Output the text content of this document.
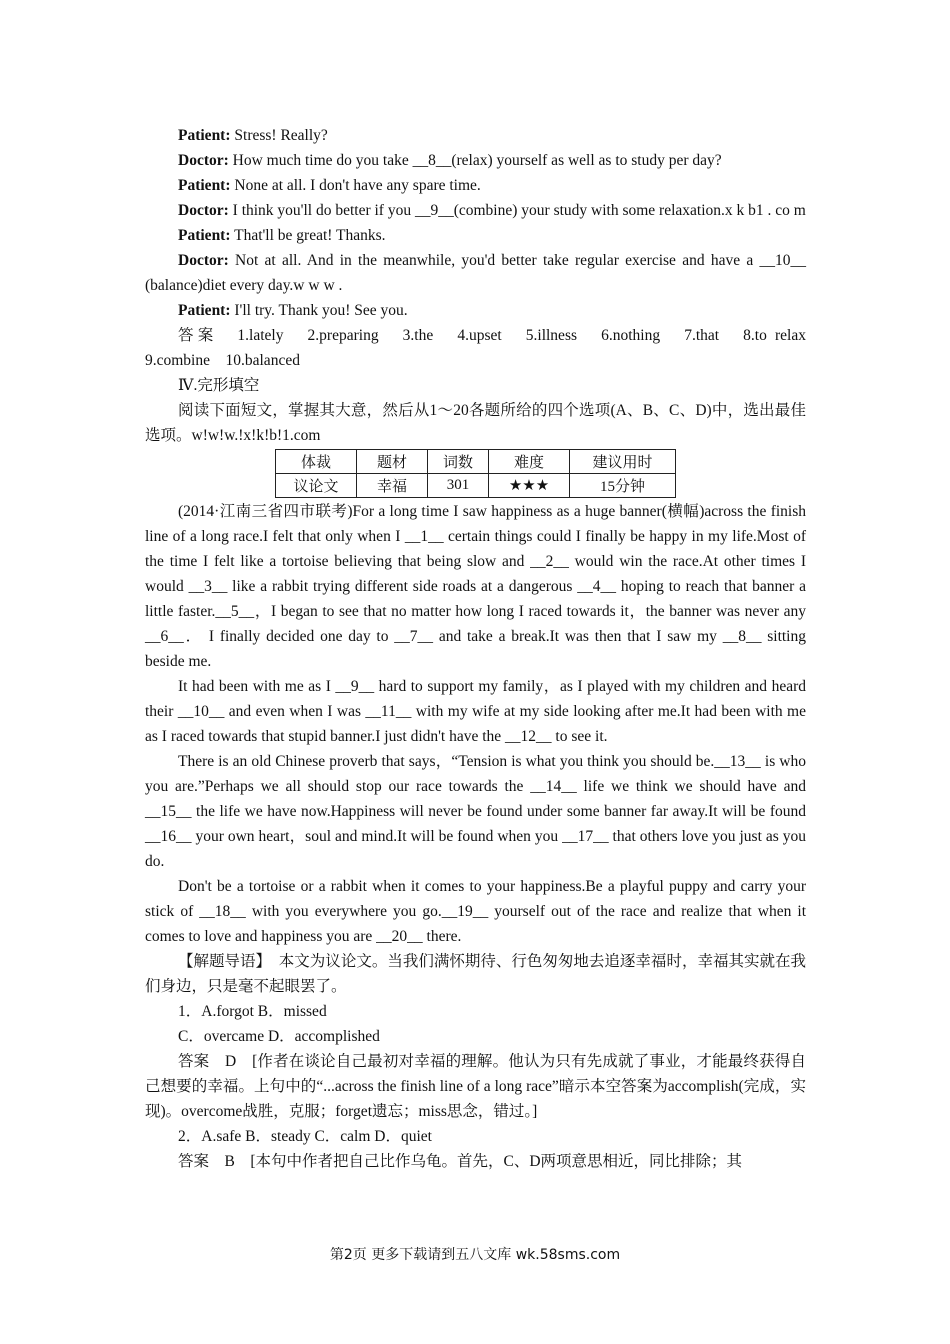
Patient: Stress! Really?

Doctor: How much time do you take __8__(relax) yourself as well as to study per day?

Patient: None at all. I don't have any spare time.

Doctor: I think you'll do better if you __9__(combine) your study with some relaxation.x k b1 . co m

Patient: That'll be great! Thanks.

Doctor: Not at all. And in the meanwhile, you'd better take regular exercise and have a __10__ (balance)diet every day.w w w .

Patient: I'll try. Thank you! See you.

答案　1.lately　2.preparing　3.the　4.upset　5.illness　6.nothing　7.that　8.to relax　9.combine　10.balanced

Ⅳ.完形填空

阅读下面短文，掌握其大意，然后从1～20各题所给的四个选项(A、B、C、D)中，选出最佳选项。w!w!w.!x!k!b!1.com

体裁	题材	词数	难度	建议用时
议论文	幸福	301	★★★	15分钟

(2014·江南三省四市联考)For a long time I saw happiness as a huge banner(横幅)across the finish line of a long race.I felt that only when I __1__ certain things could I finally be happy in my life.Most of the time I felt like a tortoise believing that being slow and __2__ would win the race.At other times I would __3__ like a rabbit trying different side roads at a dangerous __4__ hoping to reach that banner a little faster.__5__，I began to see that no matter how long I raced towards it，the banner was never any __6__． I finally decided one day to __7__ and take a break.It was then that I saw my __8__ sitting beside me.

It had been with me as I __9__ hard to support my family，as I played with my children and heard their __10__ and even when I was __11__ with my wife at my side looking after me.It had been with me as I raced towards that stupid banner.I just didn't have the __12__ to see it.

There is an old Chinese proverb that says，“Tension is what you think you should be.__13__ is who you are.”Perhaps we all should stop our race towards the __14__ life we think we should have and __15__ the life we have now.Happiness will never be found under some banner far away.It will be found __16__ your own heart，soul and mind.It will be found when you __17__ that others love you just as you do.

Don't be a tortoise or a rabbit when it comes to your happiness.Be a playful puppy and carry your stick of __18__ with you everywhere you go.__19__ yourself out of the race and realize that when it comes to love and happiness you are __20__ there.

【解题导语】　本文为议论文。当我们满怀期待、行色匆匆地去追逐幸福时，幸福其实就在我们身边，只是毫不起眼罢了。

1．A.forgot B．missed

C．overcame D．accomplished

答案　D　[作者在谈论自己最初对幸福的理解。他认为只有先成就了事业，才能最终获得自己想要的幸福。上句中的“...across the finish line of a long race”暗示本空答案为accomplish(完成，实现)。overcome战胜，克服；forget遗忘；miss思念，错过。]

2．A.safe B．steady C．calm D．quiet

答案　B　[本句中作者把自己比作乌龟。首先，C、D两项意思相近，同比排除；其

第2页 更多下载请到五八文库 wk.58sms.com
